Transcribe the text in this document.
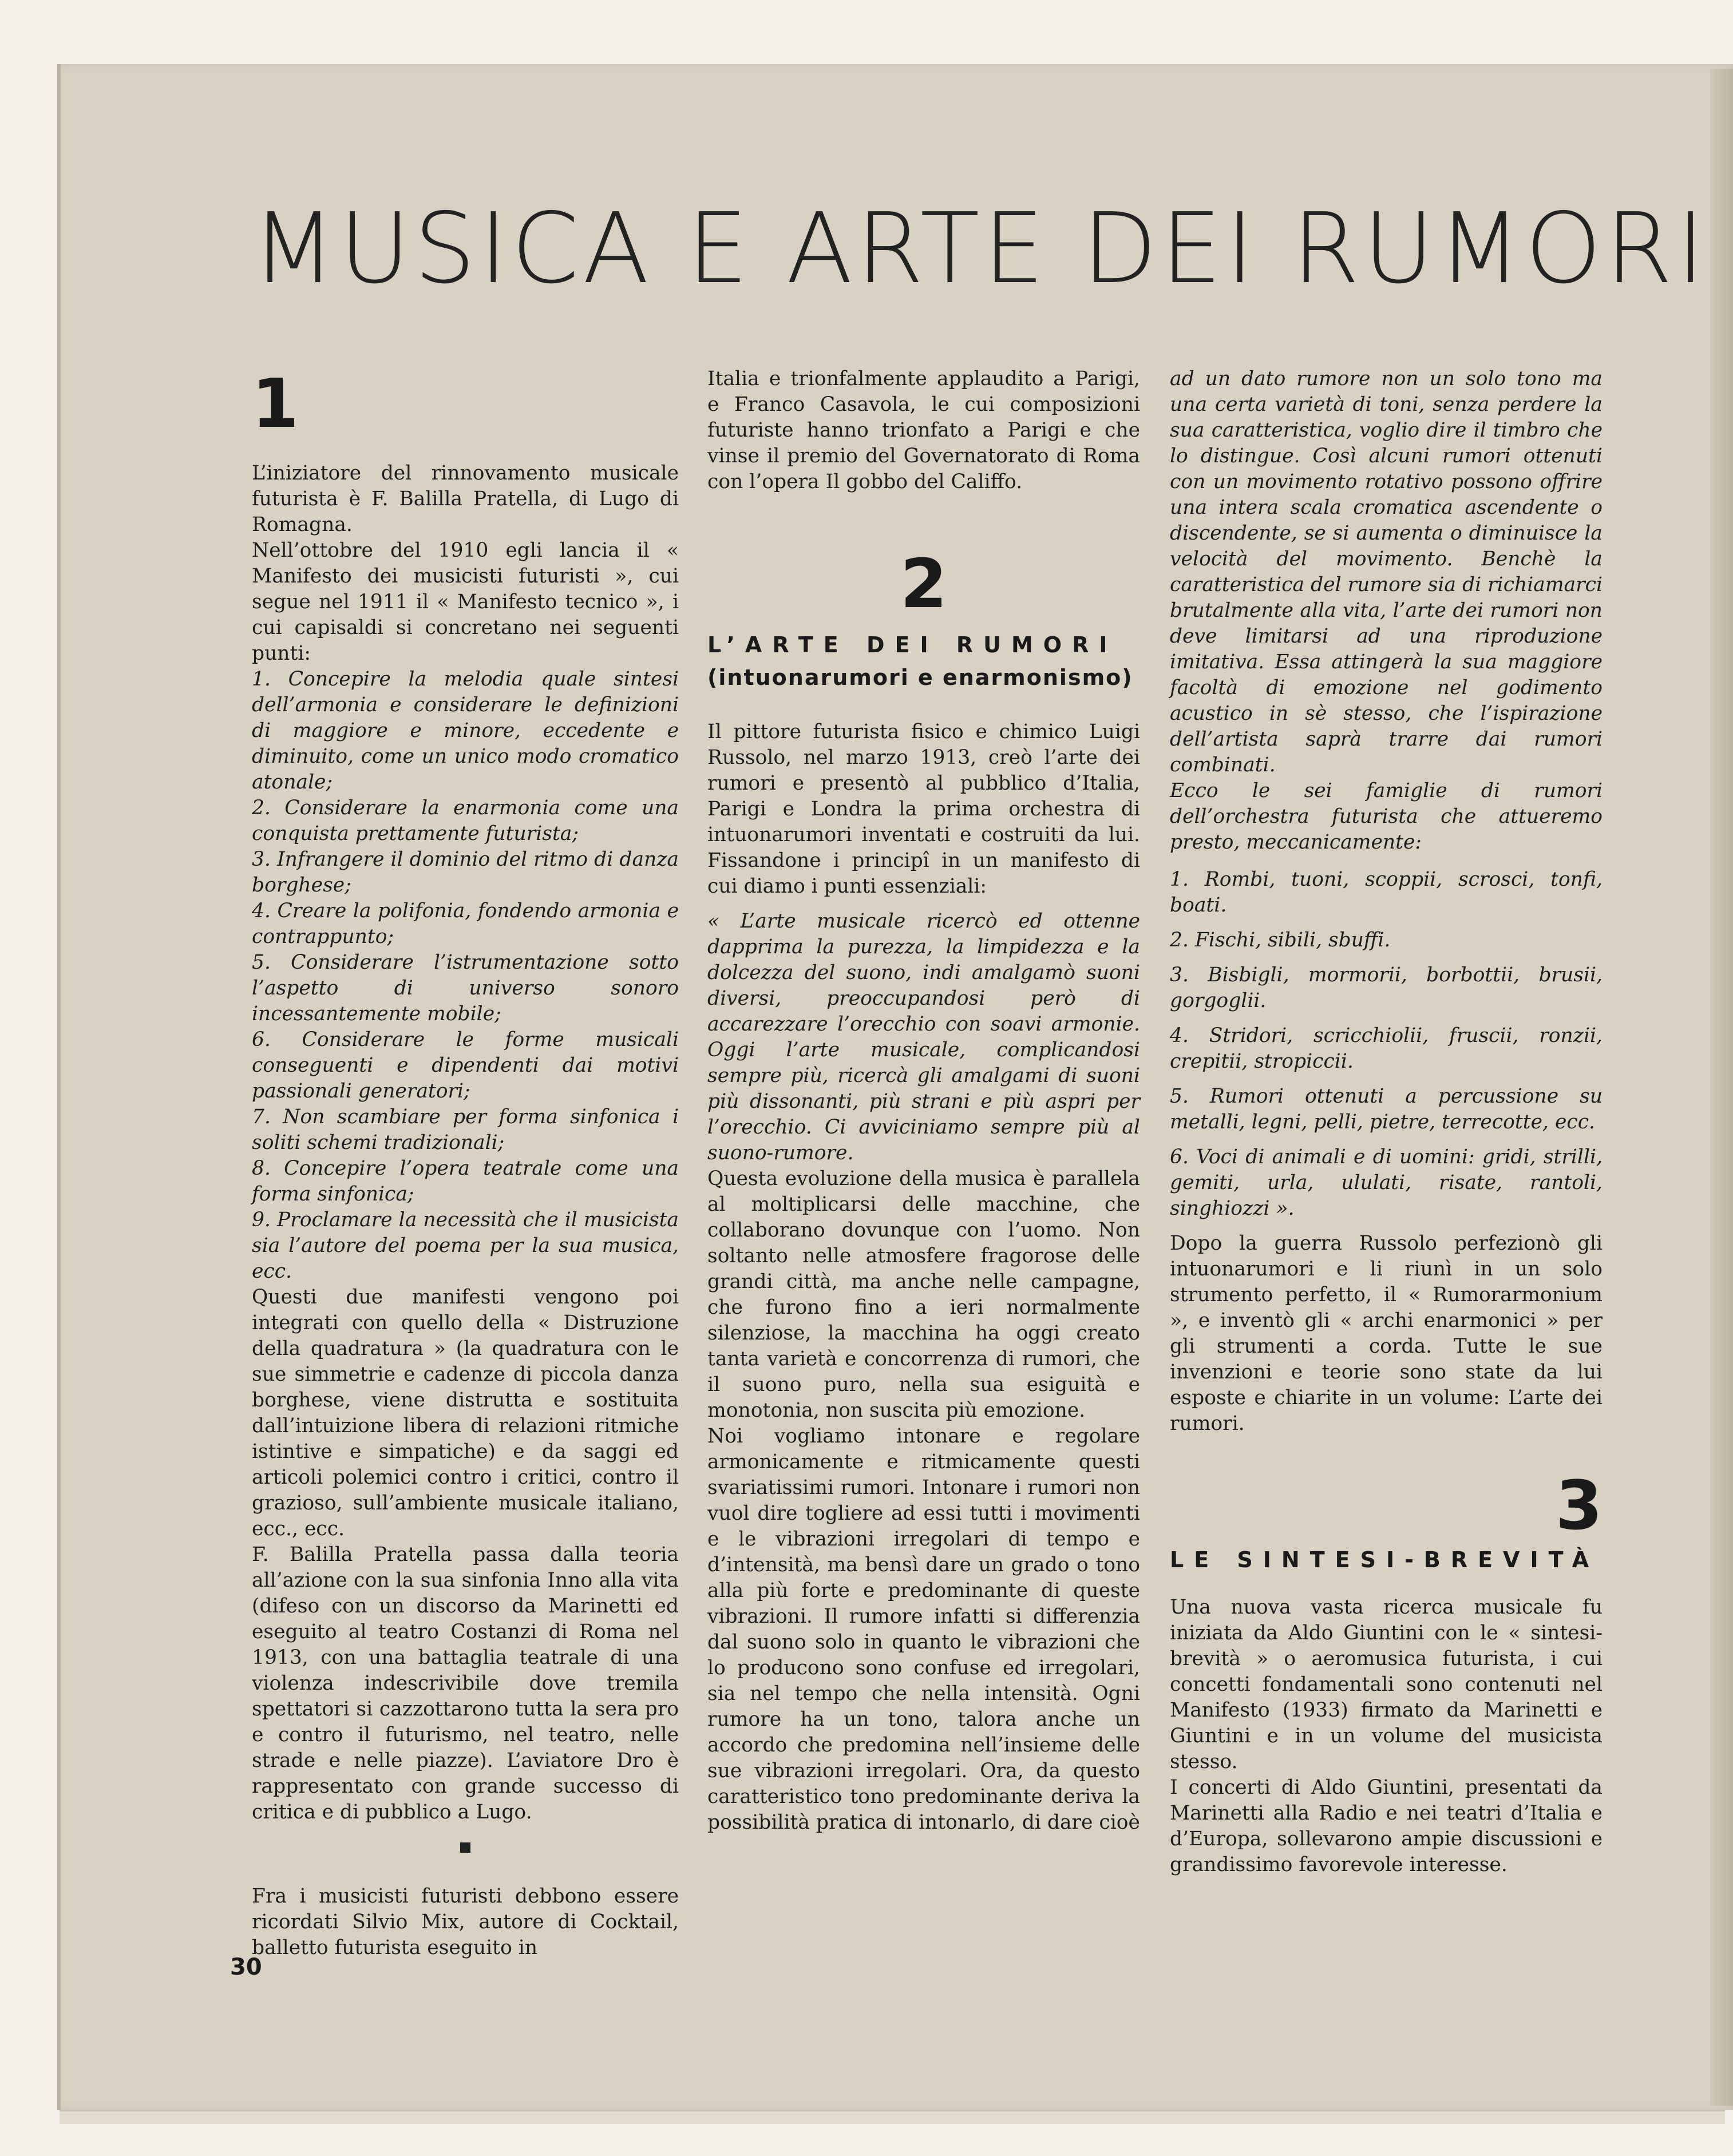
MUSICA E ARTE DEI RUMORI
1

L’iniziatore del rinnovamento musicale futurista è F. Balilla Pratella, di Lugo di Romagna.

Nell’ottobre del 1910 egli lancia il « Manifesto dei musicisti futuristi », cui segue nel 1911 il « Manifesto tecnico », i cui capisaldi si concretano nei seguenti punti:

1. Concepire la melodia quale sintesi dell’armonia e considerare le definizioni di maggiore e minore, eccedente e diminuito, come un unico modo cromatico atonale;

2. Considerare la enarmonia come una conquista prettamente futurista;

3. Infrangere il dominio del ritmo di danza borghese;

4. Creare la polifonia, fondendo armonia e contrappunto;

5. Considerare l’istrumentazione sotto l’aspetto di universo sonoro incessantemente mobile;

6. Considerare le forme musicali conseguenti e dipendenti dai motivi passionali generatori;

7. Non scambiare per forma sinfonica i soliti schemi tradizionali;

8. Concepire l’opera teatrale come una forma sinfonica;

9. Proclamare la necessità che il musicista sia l’autore del poema per la sua musica, ecc.

Questi due manifesti vengono poi integrati con quello della « Distruzione della quadratura » (la quadratura con le sue simmetrie e cadenze di piccola danza borghese, viene distrutta e sostituita dall’intuizione libera di relazioni ritmiche istintive e simpatiche) e da saggi ed articoli polemici contro i critici, contro il grazioso, sull’ambiente musicale italiano, ecc., ecc.

F. Balilla Pratella passa dalla teoria all’azione con la sua sinfonia Inno alla vita (difeso con un discorso da Marinetti ed eseguito al teatro Costanzi di Roma nel 1913, con una battaglia teatrale di una violenza indescrivibile dove tremila spettatori si cazzottarono tutta la sera pro e contro il futurismo, nel teatro, nelle strade e nelle piazze). L’aviatore Dro è rappresentato con grande successo di critica e di pubblico a Lugo.

Fra i musicisti futuristi debbono essere ricordati Silvio Mix, autore di Cocktail, balletto futurista eseguito in

Italia e trionfalmente applaudito a Parigi, e Franco Casavola, le cui composizioni futuriste hanno trionfato a Parigi e che vinse il premio del Governatorato di Roma con l’opera Il gobbo del Califfo.

2
L’ARTE DEI RUMORI
(intuonarumori e enarmonismo)

Il pittore futurista fisico e chimico Luigi Russolo, nel marzo 1913, creò l’arte dei rumori e presentò al pubblico d’Italia, Parigi e Londra la prima orchestra di intuonarumori inventati e costruiti da lui. Fissandone i principî in un manifesto di cui diamo i punti essenziali:

« L’arte musicale ricercò ed ottenne dapprima la purezza, la limpidezza e la dolcezza del suono, indi amalgamò suoni diversi, preoccupandosi però di accarezzare l’orecchio con soavi armonie. Oggi l’arte musicale, complicandosi sempre più, ricercà gli amalgami di suoni più dissonanti, più strani e più aspri per l’orecchio. Ci avviciniamo sempre più al suono-rumore.

Questa evoluzione della musica è parallela al moltiplicarsi delle macchine, che collaborano dovunque con l’uomo. Non soltanto nelle atmosfere fragorose delle grandi città, ma anche nelle campagne, che furono fino a ieri normalmente silenziose, la macchina ha oggi creato tanta varietà e concorrenza di rumori, che il suono puro, nella sua esiguità e monotonia, non suscita più emozione.

Noi vogliamo intonare e regolare armonicamente e ritmicamente questi svariatissimi rumori. Intonare i rumori non vuol dire togliere ad essi tutti i movimenti e le vibrazioni irregolari di tempo e d’intensità, ma bensì dare un grado o tono alla più forte e predominante di queste vibrazioni. Il rumore infatti si differenzia dal suono solo in quanto le vibrazioni che lo producono sono confuse ed irregolari, sia nel tempo che nella intensità. Ogni rumore ha un tono, talora anche un accordo che predomina nell’insieme delle sue vibrazioni irregolari. Ora, da questo caratteristico tono predominante deriva la possibilità pratica di intonarlo, di dare cioè

ad un dato rumore non un solo tono ma una certa varietà di toni, senza perdere la sua caratteristica, voglio dire il timbro che lo distingue. Così alcuni rumori ottenuti con un movimento rotativo possono offrire una intera scala cromatica ascendente o discendente, se si aumenta o diminuisce la velocità del movimento. Benchè la caratteristica del rumore sia di richiamarci brutalmente alla vita, l’arte dei rumori non deve limitarsi ad una riproduzione imitativa. Essa attingerà la sua maggiore facoltà di emozione nel godimento acustico in sè stesso, che l’ispirazione dell’artista saprà trarre dai rumori combinati.

Ecco le sei famiglie di rumori dell’orchestra futurista che attueremo presto, meccanicamente:

1. Rombi, tuoni, scoppii, scrosci, tonfi, boati.

2. Fischi, sibili, sbuffi.

3. Bisbigli, mormorii, borbottii, brusii, gorgoglii.

4. Stridori, scricchiolii, fruscii, ronzii, crepitii, stropiccii.

5. Rumori ottenuti a percussione su metalli, legni, pelli, pietre, terrecotte, ecc.

6. Voci di animali e di uomini: gridi, strilli, gemiti, urla, ululati, risate, rantoli, singhiozzi ».

Dopo la guerra Russolo perfezionò gli intuonarumori e li riunì in un solo strumento perfetto, il « Rumorarmonium », e inventò gli « archi enarmonici » per gli strumenti a corda. Tutte le sue invenzioni e teorie sono state da lui esposte e chiarite in un volume: L’arte dei rumori.

3
LE SINTESI-BREVITÀ

Una nuova vasta ricerca musicale fu iniziata da Aldo Giuntini con le « sintesi-brevità » o aeromusica futurista, i cui concetti fondamentali sono contenuti nel Manifesto (1933) firmato da Marinetti e Giuntini e in un volume del musicista stesso.

I concerti di Aldo Giuntini, presentati da Marinetti alla Radio e nei teatri d’Italia e d’Europa, sollevarono ampie discussioni e grandissimo favorevole interesse.

30
